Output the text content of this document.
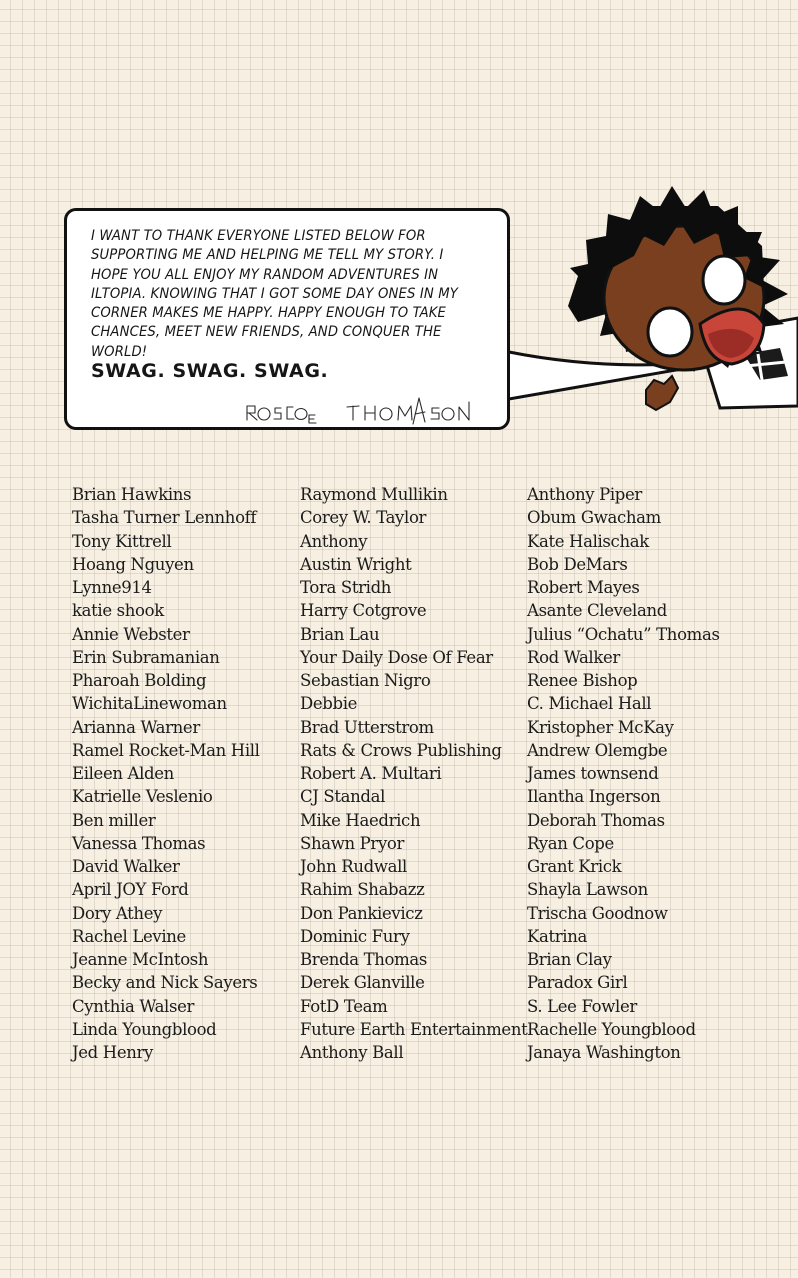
I WANT TO THANK EVERYONE LISTED BELOW FOR SUPPORTING ME AND HELPING ME TELL MY STORY. I HOPE YOU ALL ENJOY MY RANDOM ADVENTURES IN ILTOPIA. KNOWING THAT I GOT SOME DAY ONES IN MY CORNER MAKES ME HAPPY. HAPPY ENOUGH TO TAKE CHANCES, MEET NEW FRIENDS, AND CONQUER THE WORLD!
SWAG. SWAG. SWAG.
Brian Hawkins
Tasha Turner Lennhoff
Tony Kittrell
Hoang Nguyen
Lynne914
katie shook
Annie Webster
Erin Subramanian
Pharoah Bolding
WichitaLinewoman
Arianna Warner
Ramel Rocket-Man Hill
Eileen Alden
Katrielle Veslenio
Ben miller
Vanessa Thomas
David Walker
April JOY Ford
Dory Athey
Rachel Levine
Jeanne McIntosh
Becky and Nick Sayers
Cynthia Walser
Linda Youngblood
Jed Henry
Raymond Mullikin
Corey W. Taylor
Anthony
Austin Wright
Tora Stridh
Harry Cotgrove
Brian Lau
Your Daily Dose Of Fear
Sebastian Nigro
Debbie
Brad Utterstrom
Rats & Crows Publishing
Robert A. Multari
CJ Standal
Mike Haedrich
Shawn Pryor
John Rudwall
Rahim Shabazz
Don Pankievicz
Dominic Fury
Brenda Thomas
Derek Glanville
FotD Team
Future Earth Entertainment
Anthony Ball
Anthony Piper
Obum Gwacham
Kate Halischak
Bob DeMars
Robert Mayes
Asante Cleveland
Julius “Ochatu” Thomas
Rod Walker
Renee Bishop
C. Michael Hall
Kristopher McKay
Andrew Olemgbe
James townsend
Ilantha Ingerson
Deborah Thomas
Ryan Cope
Grant Krick
Shayla Lawson
Trischa Goodnow
Katrina
Brian Clay
Paradox Girl
S. Lee Fowler
Rachelle Youngblood
Janaya Washington
